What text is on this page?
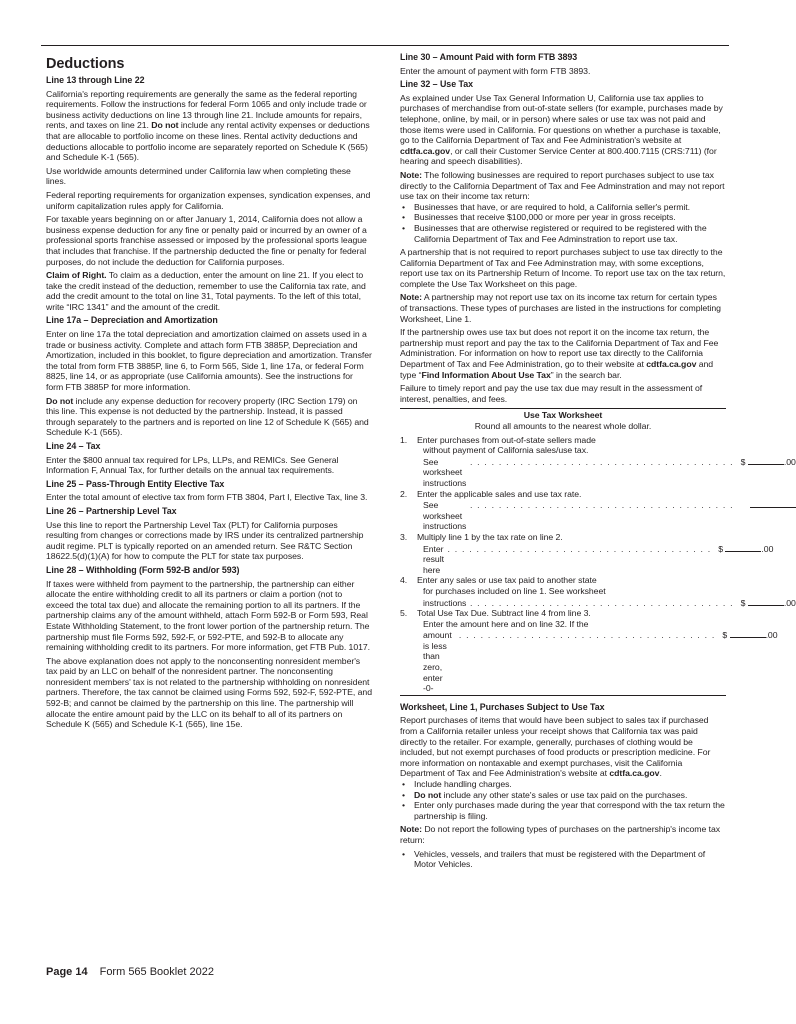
Deductions

Line 13 through Line 22

California's reporting requirements are generally the same as the federal reporting requirements. Follow the instructions for federal Form 1065 and only include trade or business activity deductions on line 13 through line 21. Include amounts for repairs, rents, and taxes on line 21. Do not include any rental activity expenses or deductions that are allocable to portfolio income on these lines. Rental activity deductions and deductions allocable to portfolio income are separately reported on Schedule K (565) and Schedule K-1 (565).

Use worldwide amounts determined under California law when completing these lines.

Federal reporting requirements for organization expenses, syndication expenses, and uniform capitalization rules apply for California.

For taxable years beginning on or after January 1, 2014, California does not allow a business expense deduction for any fine or penalty paid or incurred by an owner of a professional sports franchise assessed or imposed by the professional sports league that includes that franchise. If the partnership deducted the fine or penalty for federal purposes, do not include the deduction for California purposes.

Claim of Right. To claim as a deduction, enter the amount on line 21. If you elect to take the credit instead of the deduction, remember to use the California tax rate, and add the credit amount to the total on line 31, Total payments. To the left of this total, write “IRC 1341” and the amount of the credit.

Line 17a – Depreciation and Amortization

Enter on line 17a the total depreciation and amortization claimed on assets used in a trade or business activity. Complete and attach form FTB 3885P, Depreciation and Amortization, included in this booklet, to figure depreciation and amortization. Transfer the total from form FTB 3885P, line 6, to Form 565, Side 1, line 17a, or federal Form 8825, line 14, or as appropriate (use California amounts). See the instructions for form FTB 3885P for more information.

Do not include any expense deduction for recovery property (IRC Section 179) on this line. This expense is not deducted by the partnership. Instead, it is passed through separately to the partners and is reported on line 12 of Schedule K (565) and Schedule K-1 (565).

Line 24 – Tax

Enter the $800 annual tax required for LPs, LLPs, and REMICs. See General Information F, Annual Tax, for further details on the annual tax requirements.

Line 25 – Pass-Through Entity Elective Tax

Enter the total amount of elective tax from form FTB 3804, Part I, Elective Tax, line 3.

Line 26 – Partnership Level Tax

Use this line to report the Partnership Level Tax (PLT) for California purposes resulting from changes or corrections made by IRS under its centralized partnership audit regime. PLT is typically reported on an amended return. See R&TC Section 18622.5(d)(1)(A) for how to compute the PLT for state tax purposes.

Line 28 – Withholding (Form 592-B and/or 593)

If taxes were withheld from payment to the partnership, the partnership can either allocate the entire withholding credit to all its partners or claim a portion (not to exceed the total tax due) and allocate the remaining portion to all its partners. If the partnership claims any of the amount withheld, attach Form 592-B or Form 593, Real Estate Withholding Statement, to the front lower portion of the partnership return. The partnership must file Forms 592, 592-F, or 592-PTE, and 592-B to allocate any remaining withholding credit to its partners. For more information, get FTB Pub. 1017.

The above explanation does not apply to the nonconsenting nonresident member's tax paid by an LLC on behalf of the nonresident partner. The nonconsenting nonresident members' tax is not related to the partnership withholding on nonresident partners. Therefore, the tax cannot be claimed using Forms 592, 592-F, 592-PTE, and 592-B; and cannot be claimed by the partnership on this line. The partnership will allocate the entire amount paid by the LLC on its behalf to all of its partners on Schedule K (565) and Schedule K-1 (565), line 15e.

Line 30 – Amount Paid with form FTB 3893

Enter the amount of payment with form FTB 3893.

Line 32 – Use Tax

As explained under Use Tax General Information U, California use tax applies to purchases of merchandise from out-of-state sellers (for example, purchases made by telephone, online, by mail, or in person) where sales or use tax was not paid and those items were used in California. For questions on whether a purchase is taxable, go to the California Department of Tax and Fee Administration's website at cdtfa.ca.gov, or call their Customer Service Center at 800.400.7115 (CRS:711) (for hearing and speech disabilities).

Note: The following businesses are required to report purchases subject to use tax directly to the California Department of Tax and Fee Adminstration and may not report use tax on their income tax return:

• Businesses that have, or are required to hold, a California seller's permit.
• Businesses that receive $100,000 or more per year in gross receipts.
• Businesses that are otherwise registered or required to be registered with the California Department of Tax and Fee Adminstration to report use tax.

A partnership that is not required to report purchases subject to use tax directly to the California Department of Tax and Fee Adminstration may, with some exceptions, report use tax on its Partnership Return of Income. To report use tax on the tax return, complete the Use Tax Worksheet on this page.

Note: A partnership may not report use tax on its income tax return for certain types of transactions. These types of purchases are listed in the instructions for completing Worksheet, Line 1.

If the partnership owes use tax but does not report it on the income tax return, the partnership must report and pay the tax to the California Department of Tax and Fee Administration. For information on how to report use tax directly to the California Department of Tax and Fee Administration, go to their website at cdtfa.ca.gov and type “Find Information About Use Tax” in the search bar.

Failure to timely report and pay the use tax due may result in the assessment of interest, penalties, and fees.

Use Tax Worksheet
Round all amounts to the nearest whole dollar.
1.	Enter purchases from out-of-state sellers made
without payment of California sales/use tax.
See worksheet instructions
. . . . . . . . . . . . . . . . . . . . . . . . . . . . . . . . . . . . . $	.00
2.	Enter the applicable sales and use tax rate.
See worksheet instructions
. . . . . . . . . . . . . . . . . . . . . . . . . . . . . . . . . . . . .
3.	Multiply line 1 by the tax rate on line 2.
Enter result here
. . . . . . . . . . . . . . . . . . . . . . . . . . . . . . . . . . . . . $	.00
4.	Enter any sales or use tax paid to another state
for purchases included on line 1. See worksheet
instructions . . . . . . . . . . . . . . . . . . . . . . . . . . . . . . . . . . . . . $	.00
5.	Total Use Tax Due. Subtract line 4 from line 3.
Enter the amount here and on line 32. If the
amount is less than zero, enter -0-
. . . . . . . . . . . . . . . . . . . . . . . . . . . . . . . . . . . . $	.00

Worksheet, Line 1, Purchases Subject to Use Tax

Report purchases of items that would have been subject to sales tax if purchased from a California retailer unless your receipt shows that California tax was paid directly to the retailer. For example, generally, purchases of clothing would be included, but not exempt purchases of food products or prescription medicine. For more information on nontaxable and exempt purchases, visit the California Department of Tax and Fee Administration's website at cdtfa.ca.gov.

• Include handling charges.
• Do not include any other state's sales or use tax paid on the purchases.
• Enter only purchases made during the year that correspond with the tax return the partnership is filing.

Note: Do not report the following types of purchases on the partnership's income tax return:

• Vehicles, vessels, and trailers that must be registered with the Department of Motor Vehicles.
Page 14 Form 565 Booklet 2022
